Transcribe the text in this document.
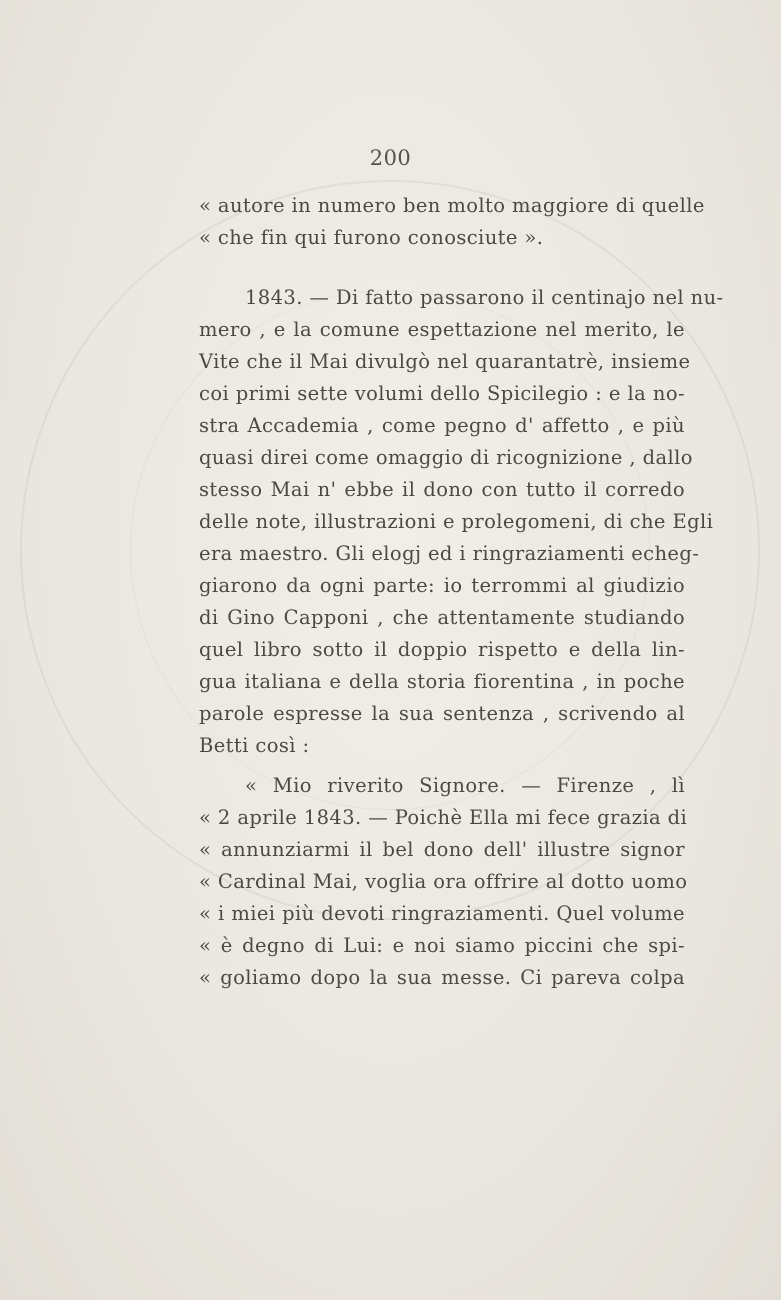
200
« autore in numero ben molto maggiore di quelle
« che fin qui furono conosciute ».
1843. — Di fatto passarono il centinajo nel nu-
mero , e la comune espettazione nel merito, le
Vite che il Mai divulgò nel quarantatrè, insieme
coi primi sette volumi dello Spicilegio : e la no-
stra Accademia , come pegno d' affetto , e più
quasi direi come omaggio di ricognizione , dallo
stesso Mai n' ebbe il dono con tutto il corredo
delle note, illustrazioni e prolegomeni, di che Egli
era maestro. Gli elogj ed i ringraziamenti echeg-
giarono da ogni parte: io terrommi al giudizio
di Gino Capponi , che attentamente studiando
quel libro sotto il doppio rispetto e della lin-
gua italiana e della storia fiorentina , in poche
parole espresse la sua sentenza , scrivendo al
Betti così :
« Mio riverito Signore. — Firenze , lì
« 2 aprile 1843. — Poichè Ella mi fece grazia di
« annunziarmi il bel dono dell' illustre signor
« Cardinal Mai, voglia ora offrire al dotto uomo
« i miei più devoti ringraziamenti. Quel volume
« è degno di Lui: e noi siamo piccini che spi-
« goliamo dopo la sua messe. Ci pareva colpa
